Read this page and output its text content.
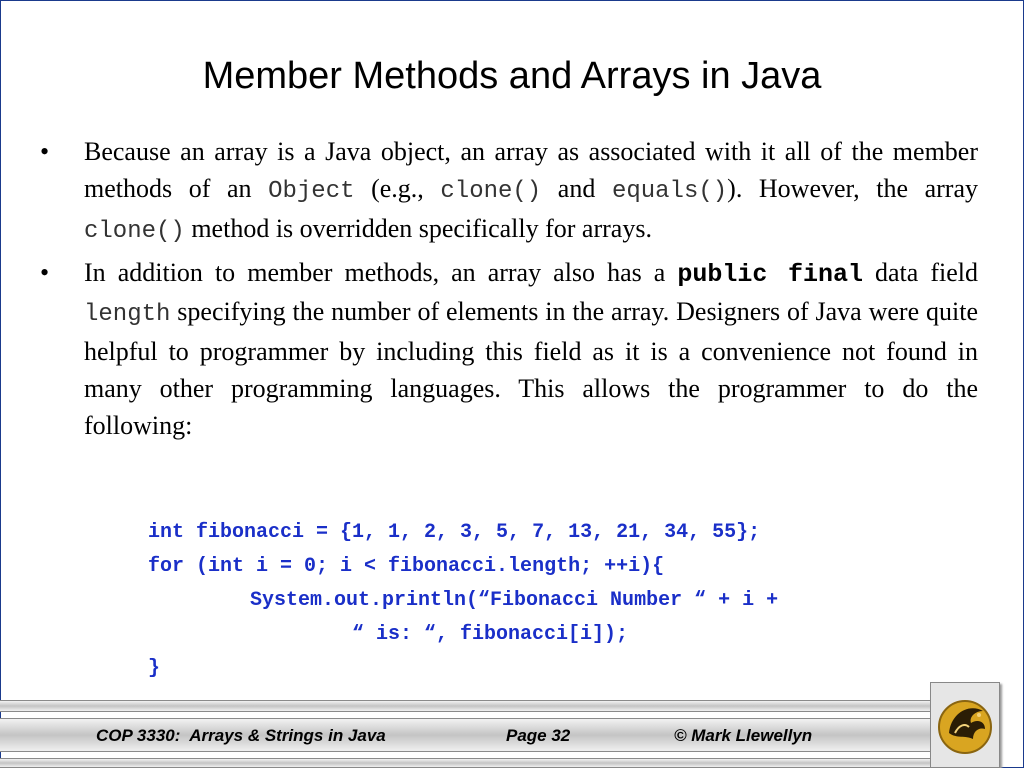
Member Methods and Arrays in Java
•	Because an array is a Java object, an array as associated with it all of the member methods of an Object (e.g., clone() and equals()). However, the array clone() method is overridden specifically for arrays.
•	In addition to member methods, an array also has a public final data field length specifying the number of elements in the array. Designers of Java were quite helpful to programmer by including this field as it is a convenience not found in many other programming languages. This allows the programmer to do the following:
int fibonacci = {1, 1, 2, 3, 5, 7, 13, 21, 34, 55};
for (int i = 0; i < fibonacci.length; ++i){
System.out.println(“Fibonacci Number “ + i +
“ is: “, fibonacci[i]);
}
COP 3330:  Arrays & Strings in Java	Page 32	© Mark Llewellyn
